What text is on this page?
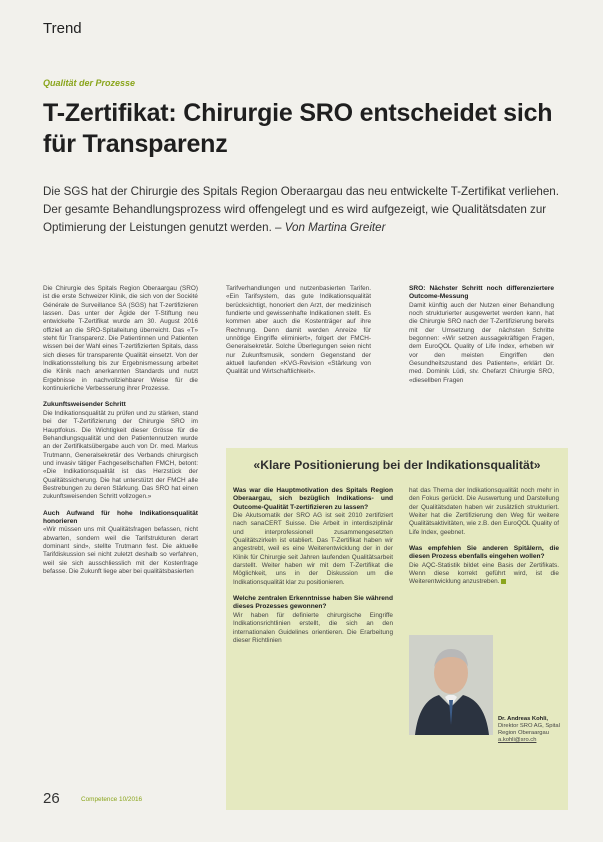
Trend
Qualität der Prozesse
T-Zertifikat: Chirurgie SRO entscheidet sich für Transparenz
Die SGS hat der Chirurgie des Spitals Region Oberaargau das neu entwickelte T-Zertifikat verliehen. Der gesamte Behandlungsprozess wird offengelegt und es wird aufgezeigt, wie Qualitätsdaten zur Optimierung der Leistungen genutzt werden. – Von Martina Greiter

Die Chirurgie des Spitals Region Oberaargau (SRO) ist die erste Schweizer Klinik, die sich von der Société Générale de Surveillance SA (SGS) hat T-zertifizieren lassen. Das unter der Ägide der T-Stiftung neu entwickelte T-Zertifikat wurde am 30. August 2016 offiziell an die SRO-Spitalleitung überreicht. Das «T» steht für Transparenz. Die Patientinnen und Patienten wissen bei der Wahl eines T-zertifizierten Spitals, dass sich dieses für transparente Qualität einsetzt. Von der Indikationsstellung bis zur Ergebnismessung arbeitet die Klinik nach anerkannten Standards und nutzt Ergebnisse in nachvollziehbarer Weise für die kontinuierliche Verbesserung ihrer Prozesse.

Zukunftsweisender Schritt

Die Indikationsqualität zu prüfen und zu stärken, stand bei der T-Zertifizierung der Chirurgie SRO im Hauptfokus. Die Wichtigkeit dieser Grösse für die Behandlungsqualität und den Patientennutzen wurde an der Zertifikatsübergabe auch von Dr. med. Markus Trutmann, Generalsekretär des Verbands chirurgisch und invasiv tätiger Fachgesellschaften FMCH, betont: «Die Indikationsqualität ist das Herzstück der Qualitätssicherung. Die hat unterstützt der FMCH alle Bestrebungen zu deren Stärkung. Das SRO hat einen zukunftsweisenden Schritt vollzogen.»

Auch Aufwand für hohe Indikationsqualität honorieren

«Wir müssen uns mit Qualitätsfragen befassen, nicht abwarten, sondern weil die Tarifstrukturen derart dominant sind», stellte Trutmann fest. Die aktuelle Tarifdiskussion sei nicht zuletzt deshalb so verfahren, weil sie sich ausschliesslich mit der Kostenfrage befasse. Die Zukunft liege aber bei qualitätsbasierten

Tarifverhandlungen und nutzenbasierten Tarifen. «Ein Tarifsystem, das gute Indikationsqualität berücksichtigt, honoriert den Arzt, der medizinisch fundierte und gewissenhafte Indikationen stellt. Es kommen aber auch die Kostenträger auf ihre Rechnung. Denn damit werden Anreize für unnötige Eingriffe eliminiert», folgert der FMCH-Generalsekretär. Solche Überlegungen seien nicht nur Zukunftsmusik, sondern Gegenstand der aktuell laufenden «KVG-Revision «Stärkung von Qualität und Wirtschaftlichkeit».

SRO: Nächster Schritt noch differenziertere Outcome-Messung

Damit künftig auch der Nutzen einer Behandlung noch strukturierter ausgewertet werden kann, hat die Chirurgie SRO nach der T-Zertifizierung bereits mit der Umsetzung der nächsten Schritte begonnen: «Wir setzen aussagekräftigen Fragen, dem EuroQOL Quality of Life Index, erheben wir vor den meisten Eingriffen den Gesundheitszustand des Patienten», erklärt Dr. med. Dominik Lüdi, stv. Chefarzt Chirurgie SRO, «diesellben Fragen

«Klare Positionierung bei der Indikationsqualität»
Was war die Hauptmotivation des Spitals Region Oberaargau, sich bezüglich Indikations- und Outcome-Qualität T-zertifizieren zu lassen?

Die Akutsomatik der SRO AG ist seit 2010 zertifiziert nach sanaCERT Suisse. Die Arbeit in interdisziplinär und interprofessionell zusammengesetzten Qualitätszirkeln ist etabliert. Das T-Zertifikat haben wir angestrebt, weil es eine Weiterentwicklung der in der Klinik für Chirurgie seit Jahren laufenden Qualitätsarbeit darstellt. Weiter haben wir mit dem T-Zertifikat die Möglichkeit, uns in der Diskussion um die Indikationsqualität klar zu positionieren.

Welche zentralen Erkenntnisse haben Sie während dieses Prozesses gewonnen?

Wir haben für definierte chirurgische Eingriffe Indikationsrichtlinien erstellt, die sich an den internationalen Guidelines orientieren. Die Erarbeitung dieser Richtlinien

hat das Thema der Indikationsqualität noch mehr in den Fokus gerückt. Die Auswertung und Darstellung der Qualitätsdaten haben wir zusätzlich strukturiert. Weiter hat die Zertifizierung den Weg für weitere Qualitätsaktivitäten, wie z.B. den EuroQOL Quality of Life Index, geebnet.

Was empfehlen Sie anderen Spitälern, die diesen Prozess ebenfalls eingehen wollen?

Die AQC-Statistik bildet eine Basis der Zertifikats. Wenn diese korrekt geführt wird, ist die Weiterentwicklung anzustreben.

Dr. Andreas Kohli,
Direktor SRO AG, Spital Region Oberaargau
a.kohli@sro.ch
26	Competence 10/2016
